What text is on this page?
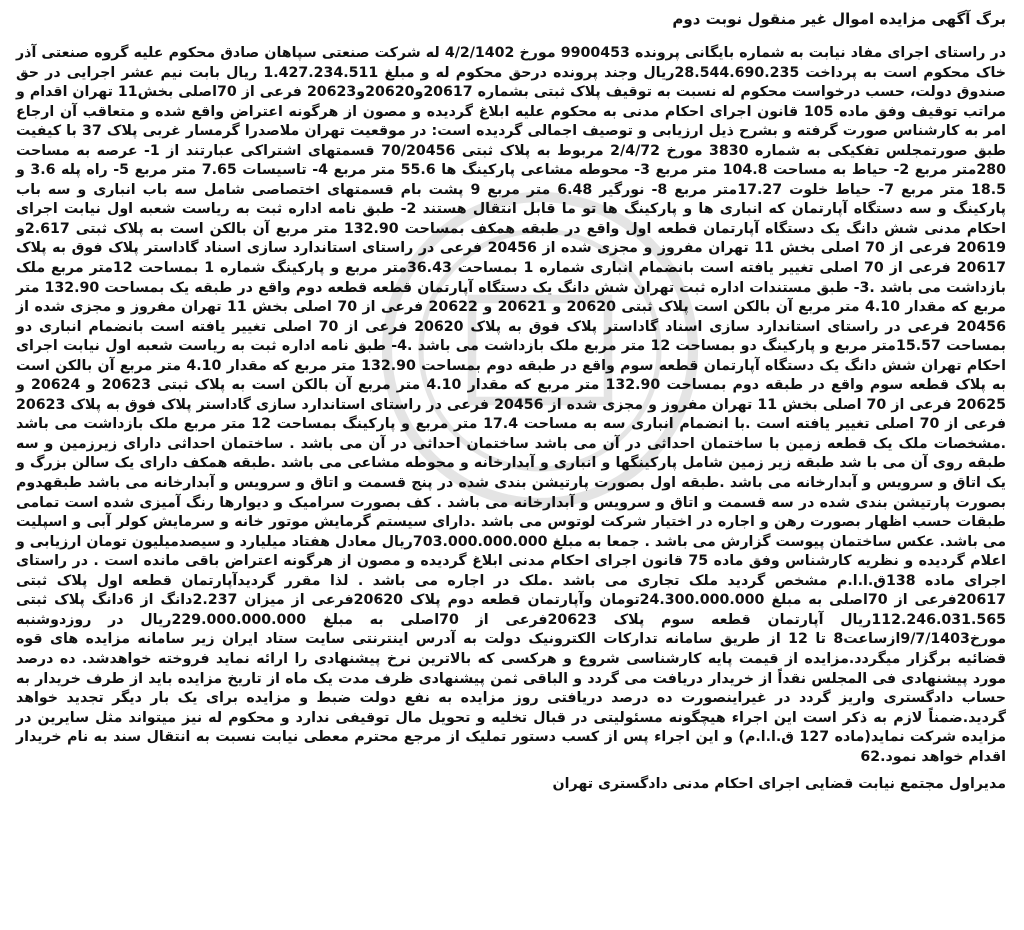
برگ آگهی مزایده اموال غیر منقول نوبت دوم

در راستای اجرای مفاد نیابت به شماره بایگانی پرونده 9900453 مورخ 4/2/1402 له شرکت صنعتی سپاهان صادق محکوم علیه گروه صنعتی آذر خاک محکوم است به پرداخت 28.544.690.235ریال وجند پرونده درحق محکوم له و مبلغ 1.427.234.511 ریال بابت نیم عشر اجرایی در حق صندوق دولت، حسب درخواست محکوم له نسبت به توقیف پلاک ثبتی بشماره 20617و20620و20623 فرعی از 70اصلی بخش11 تهران اقدام و مراتب توقیف وفق ماده 105 قانون اجرای احکام مدنی به محکوم علیه ابلاغ گردیده و مصون از هرگونه اعتراض واقع شده و متعاقب آن ارجاع امر به کارشناس صورت گرفته و بشرح ذیل ارزیابی و توصیف اجمالی گردیده است: در موقعیت تهران ملاصدرا گرمسار غربی پلاک 37 با کیفیت طبق صورتمجلس تفکیکی به شماره 3830 مورخ 2/4/72 مربوط به پلاک ثبتی 70/20456 قسمتهای اشتراکی عبارتند از 1- عرصه به مساحت 280متر مربع 2- حیاط به مساحت 104.8 متر مربع 3- محوطه مشاعی پارکینگ ها 55.6 متر مربع 4- تاسیسات 7.65 متر مربع 5- راه پله 3.6 و 18.5 متر مربع 7- حیاط خلوت 17.27متر مربع 8- نورگیر 6.48 متر مربع 9 پشت بام قسمتهای اختصاصی شامل سه باب انباری و سه باب پارکینگ و سه دستگاه آپارتمان که انباری ها و پارکینگ ها تو ما قابل انتقال هستند 2- طبق نامه اداره ثبت به ریاست شعبه اول نیابت اجرای احکام مدنی شش دانگ یک دستگاه آپارتمان قطعه اول واقع در طبقه همکف بمساحت 132.90 متر مربع آن بالکن است به پلاک ثبتی 2.617و 20619 فرعی از 70 اصلی بخش 11 تهران مفروز و مجزی شده از 20456 فرعی در راستای استاندارد سازی اسناد گاداستر پلاک فوق به پلاک 20617 فرعی از 70 اصلی تغییر یافته است بانضمام انباری شماره 1 بمساحت 36.43متر مربع و پارکینگ شماره 1 بمساحت 12متر مربع ملک بازداشت می باشد .3- طبق مستندات اداره ثبت تهران شش دانگ یک دستگاه آپارتمان قطعه قطعه دوم واقع در طبقه یک بمساحت 132.90 متر مربع که مقدار 4.10 متر مربع آن بالکن است پلاک ثبتی 20620 و 20621 و 20622 فرعی از 70 اصلی بخش 11 تهران مفروز و مجزی شده از 20456 فرعی در راستای استاندارد سازی اسناد گاداستر پلاک فوق به پلاک 20620 فرعی از 70 اصلی تغییر یافته است بانضمام انباری دو بمساحت 15.57متر مربع و پارکینگ دو بمساحت 12 متر مربع ملک بازداشت می باشد .4- طبق نامه اداره ثبت به ریاست شعبه اول نیابت اجرای احکام تهران شش دانگ یک دستگاه آپارتمان قطعه سوم واقع در طبقه دوم بمساحت 132.90 متر مربع که مقدار 4.10 متر مربع آن بالکن است به پلاک قطعه سوم واقع در طبقه دوم بمساحت 132.90 متر مربع که مقدار 4.10 متر مربع آن بالکن است به پلاک ثبتی 20623 و 20624 و 20625 فرعی از 70 اصلی بخش 11 تهران مفروز و مجزی شده از 20456 فرعی در راستای استاندارد سازی گاداستر پلاک فوق به پلاک 20623 فرعی از 70 اصلی تغییر یافته است .با انضمام انباری سه به مساحت 17.4 متر مربع و پارکینگ بمساحت 12 متر مربع ملک بازداشت می باشد .مشخصات ملک یک قطعه زمین با ساختمان احداثی در آن می باشد ساختمان احداثی در آن می باشد . ساختمان احداثی دارای زیرزمین و سه طبقه روی آن می با شد طبقه زیر زمین شامل پارکینگها و انباری و آبدارخانه و محوطه مشاعی می باشد .طبقه همکف دارای یک سالن بزرگ و یک اتاق و سرویس و آبدارخانه می باشد .طبقه اول بصورت پارتیشن بندی شده در پنج قسمت و اتاق و سرویس و آبدارخانه می باشد طبقهدوم بصورت پارتیشن بندی شده در سه قسمت و اتاق و سرویس و آبدارخانه می باشد . کف بصورت سرامیک و دیوارها رنگ آمیزی شده است تمامی طبقات حسب اظهار بصورت رهن و اجاره در اختیار شرکت لوتوس می باشد .دارای سیستم گرمایش موتور خانه و سرمایش کولر آبی و اسپلیت می باشد. عکس ساختمان پیوست گزارش می باشد . جمعا به مبلغ 703.000.000.000ریال معادل هفتاد میلیارد و سیصدمیلیون تومان ارزیابی و اعلام گردیده و نظریه کارشناس وفق ماده 75 قانون اجرای احکام مدنی ابلاغ گردیده و مصون از هرگونه اعتراض باقی مانده است . در راستای اجرای ماده 138ق.ا.ا.م مشخص گردید ملک تجاری می باشد .ملک در اجاره می باشد . لذا مقرر گردیدآپارتمان قطعه اول پلاک ثبتی 20617فرعی از 70اصلی به مبلغ 24.300.000.000تومان وآپارتمان قطعه دوم پلاک 20620فرعی از میزان 2.237دانگ از 6دانگ پلاک ثبتی 112.246.031.565ریال آپارتمان قطعه سوم پلاک 20623فرعی از 70اصلی به مبلغ 229.000.000.000ریال در روزدوشنبه مورخ9/7/1403ازساعت8 تا 12 از طریق سامانه تدارکات الکترونیک دولت به آدرس اینترنتی سایت ستاد ایران زیر سامانه مزایده های قوه قضائیه برگزار میگردد.مزایده از قیمت پایه کارشناسی شروع و هرکسی که بالاترین نرخ پیشنهادی را ارائه نماید فروخته خواهدشد. ده درصد مورد پیشنهادی فی المجلس نقداً از خریدار دریافت می گردد و الباقی ثمن پیشنهادی ظرف مدت یک ماه از تاریخ مزایده باید از طرف خریدار به حساب دادگستری واریز گردد در غیراینصورت ده درصد دریافتی روز مزایده به نفع دولت ضبط و مزایده برای یک بار دیگر تجدید خواهد گردید.ضمناً لازم به ذکر است این اجراء هیچگونه مسئولیتی در قبال تخلیه و تحویل مال توقیفی ندارد و محکوم له نیز میتواند مثل سایرین در مزایده شرکت نماید(ماده 127 ق.ا.ا.م) و این اجراء پس از کسب دستور تملیک از مرجع محترم معطی نیابت نسبت به انتقال سند به نام خریدار اقدام خواهد نمود.62

مدیراول مجتمع نیابت قضایی اجرای احکام مدنی دادگستری تهران
